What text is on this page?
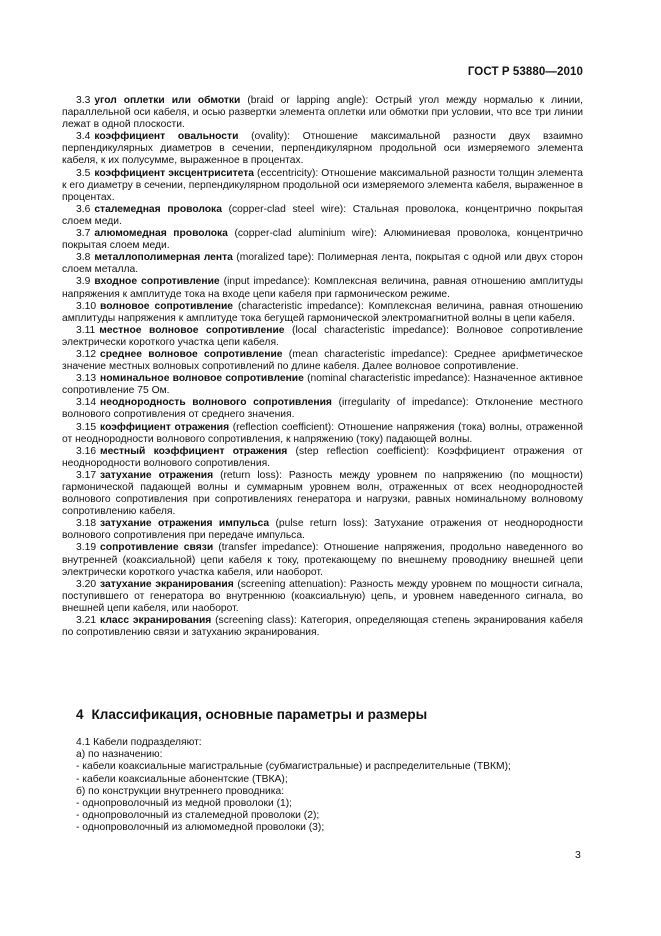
ГОСТ Р 53880—2010

3.3 угол оплетки или обмотки (braid or lapping angle): Острый угол между нормалью к линии, параллельной оси кабеля, и осью развертки элемента оплетки или обмотки при условии, что все три линии лежат в одной плоскости.

3.4 коэффициент овальности (ovality): Отношение максимальной разности двух взаимно перпендикулярных диаметров в сечении, перпендикулярном продольной оси измеряемого элемента кабеля, к их полусумме, выраженное в процентах.

3.5 коэффициент эксцентриситета (eccentricity): Отношение максимальной разности толщин элемента к его диаметру в сечении, перпендикулярном продольной оси измеряемого элемента кабеля, выраженное в процентах.

3.6 сталемедная проволока (copper-clad steel wire): Стальная проволока, концентрично покрытая слоем меди.

3.7 алюмомедная проволока (copper-clad aluminium wire): Алюминиевая проволока, концентрично покрытая слоем меди.

3.8 металлополимерная лента (moralized tape): Полимерная лента, покрытая с одной или двух сторон слоем металла.

3.9 входное сопротивление (input impedance): Комплексная величина, равная отношению амплитуды напряжения к амплитуде тока на входе цепи кабеля при гармоническом режиме.

3.10 волновое сопротивление (characteristic impedance): Комплексная величина, равная отношению амплитуды напряжения к амплитуде тока бегущей гармонической электромагнитной волны в цепи кабеля.

3.11 местное волновое сопротивление (local characteristic impedance): Волновое сопротивление электрически короткого участка цепи кабеля.

3.12 среднее волновое сопротивление (mean characteristic impedance): Среднее арифметическое значение местных волновых сопротивлений по длине кабеля. Далее волновое сопротивление.

3.13 номинальное волновое сопротивление (nominal characteristic impedance): Назначенное активное сопротивление 75 Ом.

3.14 неоднородность волнового сопротивления (irregularity of impedance): Отклонение местного волнового сопротивления от среднего значения.

3.15 коэффициент отражения (reflection coefficient): Отношение напряжения (тока) волны, отраженной от неоднородности волнового сопротивления, к напряжению (току) падающей волны.

3.16 местный коэффициент отражения (step reflection coefficient): Коэффициент отражения от неоднородности волнового сопротивления.

3.17 затухание отражения (return loss): Разность между уровнем по напряжению (по мощности) гармонической падающей волны и суммарным уровнем волн, отраженных от всех неоднородностей волнового сопротивления при сопротивлениях генератора и нагрузки, равных номинальному волновому сопротивлению кабеля.

3.18 затухание отражения импульса (pulse return loss): Затухание отражения от неоднородности волнового сопротивления при передаче импульса.

3.19 сопротивление связи (transfer impedance): Отношение напряжения, продольно наведенного во внутренней (коаксиальной) цепи кабеля к току, протекающему по внешнему проводнику внешней цепи электрически короткого участка кабеля, или наоборот.

3.20 затухание экранирования (screening attenuation): Разность между уровнем по мощности сигнала, поступившего от генератора во внутреннюю (коаксиальную) цепь, и уровнем наведенного сигнала, во внешней цепи кабеля, или наоборот.

3.21 класс экранирования (screening class): Категория, определяющая степень экранирования кабеля по сопротивлению связи и затуханию экранирования.

4 Классификация, основные параметры и размеры
4.1 Кабели подразделяют:
а) по назначению:
- кабели коаксиальные магистральные (субмагистральные) и распределительные (ТВКМ);
- кабели коаксиальные абонентские (ТВКА);
б) по конструкции внутреннего проводника:
- однопроволочный из медной проволоки (1);
- однопроволочный из сталемедной проволоки (2);
- однопроволочный из алюмомедной проволоки (3);
3
